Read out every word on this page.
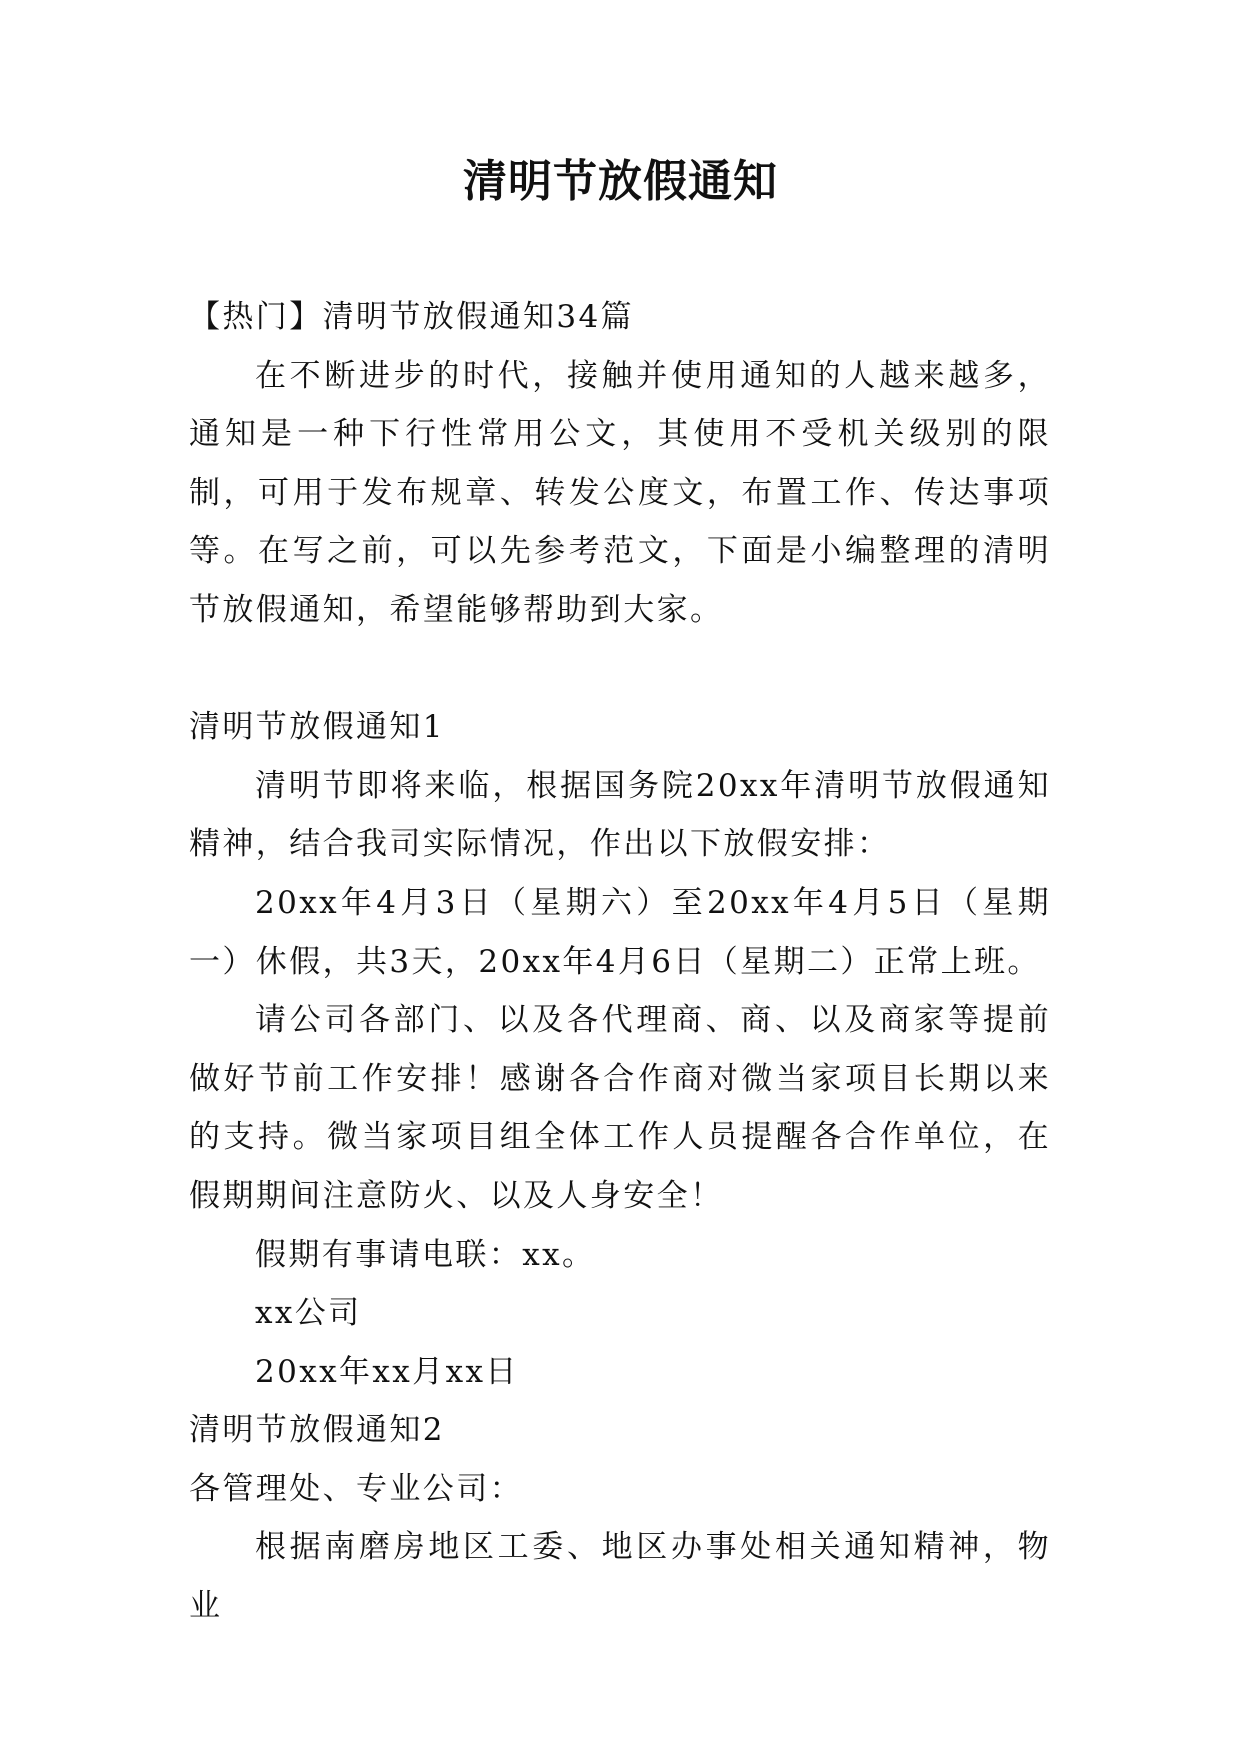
清明节放假通知

【热门】清明节放假通知34篇

在不断进步的时代，接触并使用通知的人越来越多，通知是一种下行性常用公文，其使用不受机关级别的限制，可用于发布规章、转发公度文，布置工作、传达事项等。在写之前，可以先参考范文，下面是小编整理的清明节放假通知，希望能够帮助到大家。

清明节放假通知1

清明节即将来临，根据国务院20xx年清明节放假通知精神，结合我司实际情况，作出以下放假安排：

20xx年4月3日（星期六）至20xx年4月5日（星期一）休假，共3天，20xx年4月6日（星期二）正常上班。

请公司各部门、以及各代理商、商、以及商家等提前做好节前工作安排！感谢各合作商对微当家项目长期以来的支持。微当家项目组全体工作人员提醒各合作单位，在假期期间注意防火、以及人身安全！

假期有事请电联：xx。

xx公司

20xx年xx月xx日

清明节放假通知2

各管理处、专业公司：

根据南磨房地区工委、地区办事处相关通知精神，物业
